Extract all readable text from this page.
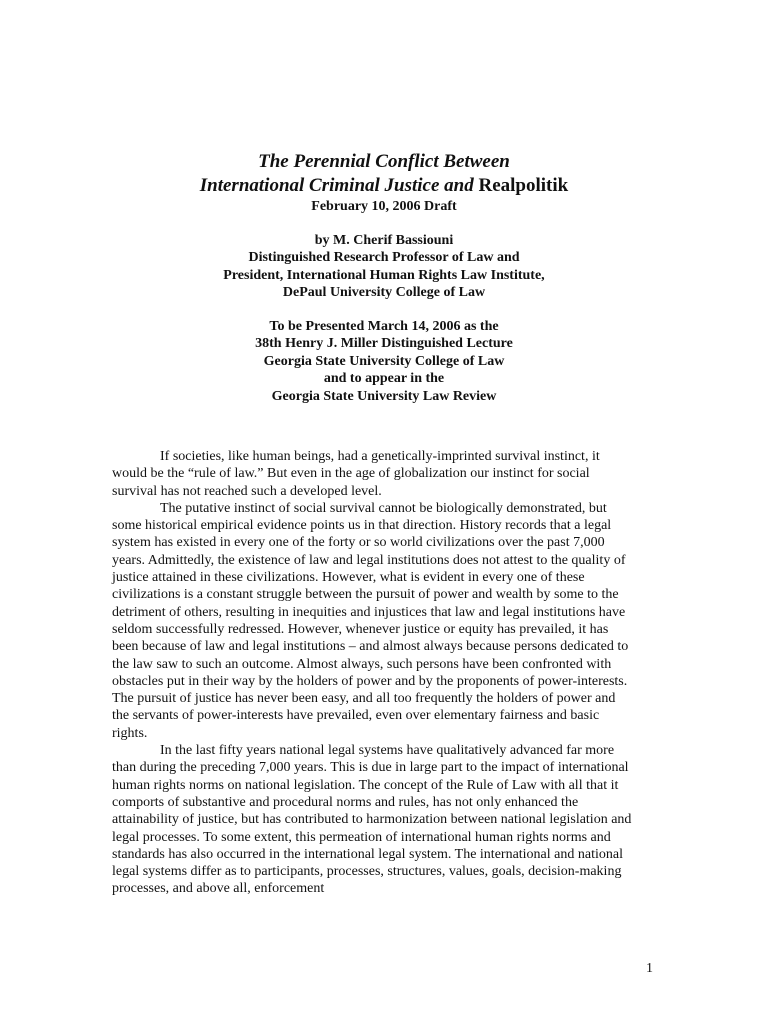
The Perennial Conflict Between

International Criminal Justice and Realpolitik

February 10, 2006 Draft

by M. Cherif Bassiouni

Distinguished Research Professor of Law and

President, International Human Rights Law Institute,

DePaul University College of Law

To be Presented March 14, 2006 as the

38th Henry J. Miller Distinguished Lecture

Georgia State University College of Law

and to appear in the

Georgia State University Law Review

If societies, like human beings, had a genetically-imprinted survival instinct, it would be the “rule of law.” But even in the age of globalization our instinct for social survival has not reached such a developed level.

The putative instinct of social survival cannot be biologically demonstrated, but some historical empirical evidence points us in that direction. History records that a legal system has existed in every one of the forty or so world civilizations over the past 7,000 years. Admittedly, the existence of law and legal institutions does not attest to the quality of justice attained in these civilizations. However, what is evident in every one of these civilizations is a constant struggle between the pursuit of power and wealth by some to the detriment of others, resulting in inequities and injustices that law and legal institutions have seldom successfully redressed. However, whenever justice or equity has prevailed, it has been because of law and legal institutions – and almost always because persons dedicated to the law saw to such an outcome. Almost always, such persons have been confronted with obstacles put in their way by the holders of power and by the proponents of power-interests. The pursuit of justice has never been easy, and all too frequently the holders of power and the servants of power-interests have prevailed, even over elementary fairness and basic rights.

In the last fifty years national legal systems have qualitatively advanced far more than during the preceding 7,000 years. This is due in large part to the impact of international human rights norms on national legislation. The concept of the Rule of Law with all that it comports of substantive and procedural norms and rules, has not only enhanced the attainability of justice, but has contributed to harmonization between national legislation and legal processes. To some extent, this permeation of international human rights norms and standards has also occurred in the international legal system. The international and national legal systems differ as to participants, processes, structures, values, goals, decision-making processes, and above all, enforcement

1
